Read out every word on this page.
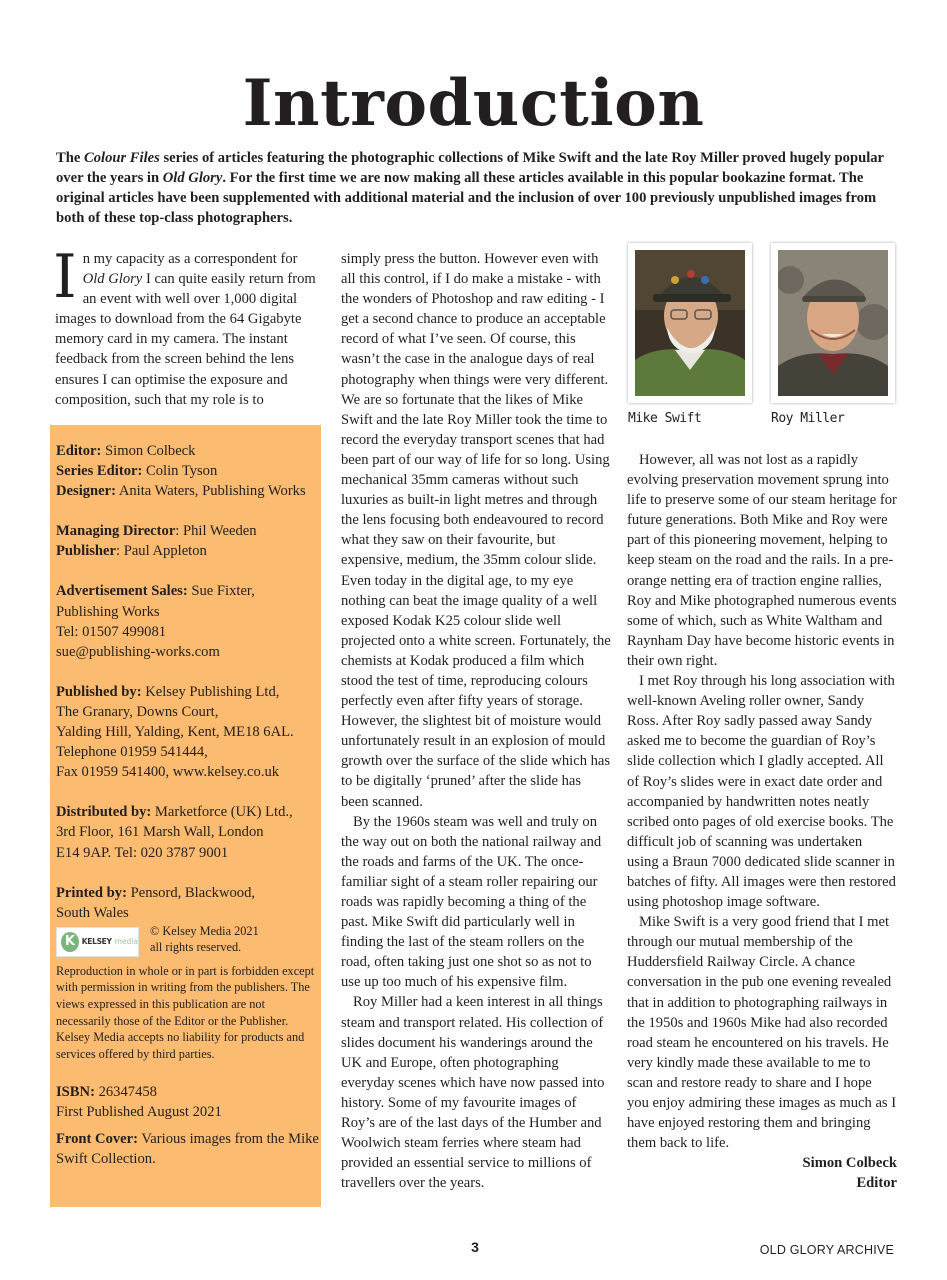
Introduction

The Colour Files series of articles featuring the photographic collections of Mike Swift and the late Roy Miller proved hugely popular over the years in Old Glory. For the first time we are now making all these articles available in this popular bookazine format. The original articles have been supplemented with additional material and the inclusion of over 100 previously unpublished images from both of these top-class photographers.

In my capacity as a correspondent for Old Glory I can quite easily return from an event with well over 1,000 digital images to download from the 64 Gigabyte memory card in my camera. The instant feedback from the screen behind the lens ensures I can optimise the exposure and composition, such that my role is to

Editor: Simon Colbeck
Series Editor: Colin Tyson
Designer: Anita Waters, Publishing Works

Managing Director: Phil Weeden
Publisher: Paul Appleton

Advertisement Sales: Sue Fixter,
Publishing Works
Tel: 01507 499081
sue@publishing-works.com

Published by: Kelsey Publishing Ltd,
The Granary, Downs Court,
Yalding Hill, Yalding, Kent, ME18 6AL.
Telephone 01959 541444,
Fax 01959 541400, www.kelsey.co.uk

Distributed by: Marketforce (UK) Ltd.,
3rd Floor, 161 Marsh Wall, London
E14 9AP. Tel: 020 3787 9001

Printed by: Pensord, Blackwood,
South Wales

K KELSEY media
© Kelsey Media 2021
all rights reserved.

Reproduction in whole or in part is forbidden except with permission in writing from the publishers. The views expressed in this publication are not necessarily those of the Editor or the Publisher. Kelsey Media accepts no liability for products and services offered by third parties.

ISBN: 26347458
First Published August 2021

Front Cover: Various images from the Mike Swift Collection.

simply press the button. However even with all this control, if I do make a mistake - with the wonders of Photoshop and raw editing - I get a second chance to produce an acceptable record of what I’ve seen. Of course, this wasn’t the case in the analogue days of real photography when things were very different. We are so fortunate that the likes of Mike Swift and the late Roy Miller took the time to record the everyday transport scenes that had been part of our way of life for so long. Using mechanical 35mm cameras without such luxuries as built-in light metres and through the lens focusing both endeavoured to record what they saw on their favourite, but expensive, medium, the 35mm colour slide. Even today in the digital age, to my eye nothing can beat the image quality of a well exposed Kodak K25 colour slide well projected onto a white screen. Fortunately, the chemists at Kodak produced a film which stood the test of time, reproducing colours perfectly even after fifty years of storage. However, the slightest bit of moisture would unfortunately result in an explosion of mould growth over the surface of the slide which has to be digitally ‘pruned’ after the slide has been scanned.

By the 1960s steam was well and truly on the way out on both the national railway and the roads and farms of the UK. The once-familiar sight of a steam roller repairing our roads was rapidly becoming a thing of the past. Mike Swift did particularly well in finding the last of the steam rollers on the road, often taking just one shot so as not to use up too much of his expensive film.

Roy Miller had a keen interest in all things steam and transport related. His collection of slides document his wanderings around the UK and Europe, often photographing everyday scenes which have now passed into history. Some of my favourite images of Roy’s are of the last days of the Humber and Woolwich steam ferries where steam had provided an essential service to millions of travellers over the years.

Mike Swift	Roy Miller

However, all was not lost as a rapidly evolving preservation movement sprung into life to preserve some of our steam heritage for future generations. Both Mike and Roy were part of this pioneering movement, helping to keep steam on the road and the rails. In a pre-orange netting era of traction engine rallies, Roy and Mike photographed numerous events some of which, such as White Waltham and Raynham Day have become historic events in their own right.

I met Roy through his long association with well-known Aveling roller owner, Sandy Ross. After Roy sadly passed away Sandy asked me to become the guardian of Roy’s slide collection which I gladly accepted. All of Roy’s slides were in exact date order and accompanied by handwritten notes neatly scribed onto pages of old exercise books. The difficult job of scanning was undertaken using a Braun 7000 dedicated slide scanner in batches of fifty. All images were then restored using photoshop image software.

Mike Swift is a very good friend that I met through our mutual membership of the Huddersfield Railway Circle. A chance conversation in the pub one evening revealed that in addition to photographing railways in the 1950s and 1960s Mike had also recorded road steam he encountered on his travels. He very kindly made these available to me to scan and restore ready to share and I hope you enjoy admiring these images as much as I have enjoyed restoring them and bringing them back to life.

Simon Colbeck
Editor

3	OLD GLORY ARCHIVE
